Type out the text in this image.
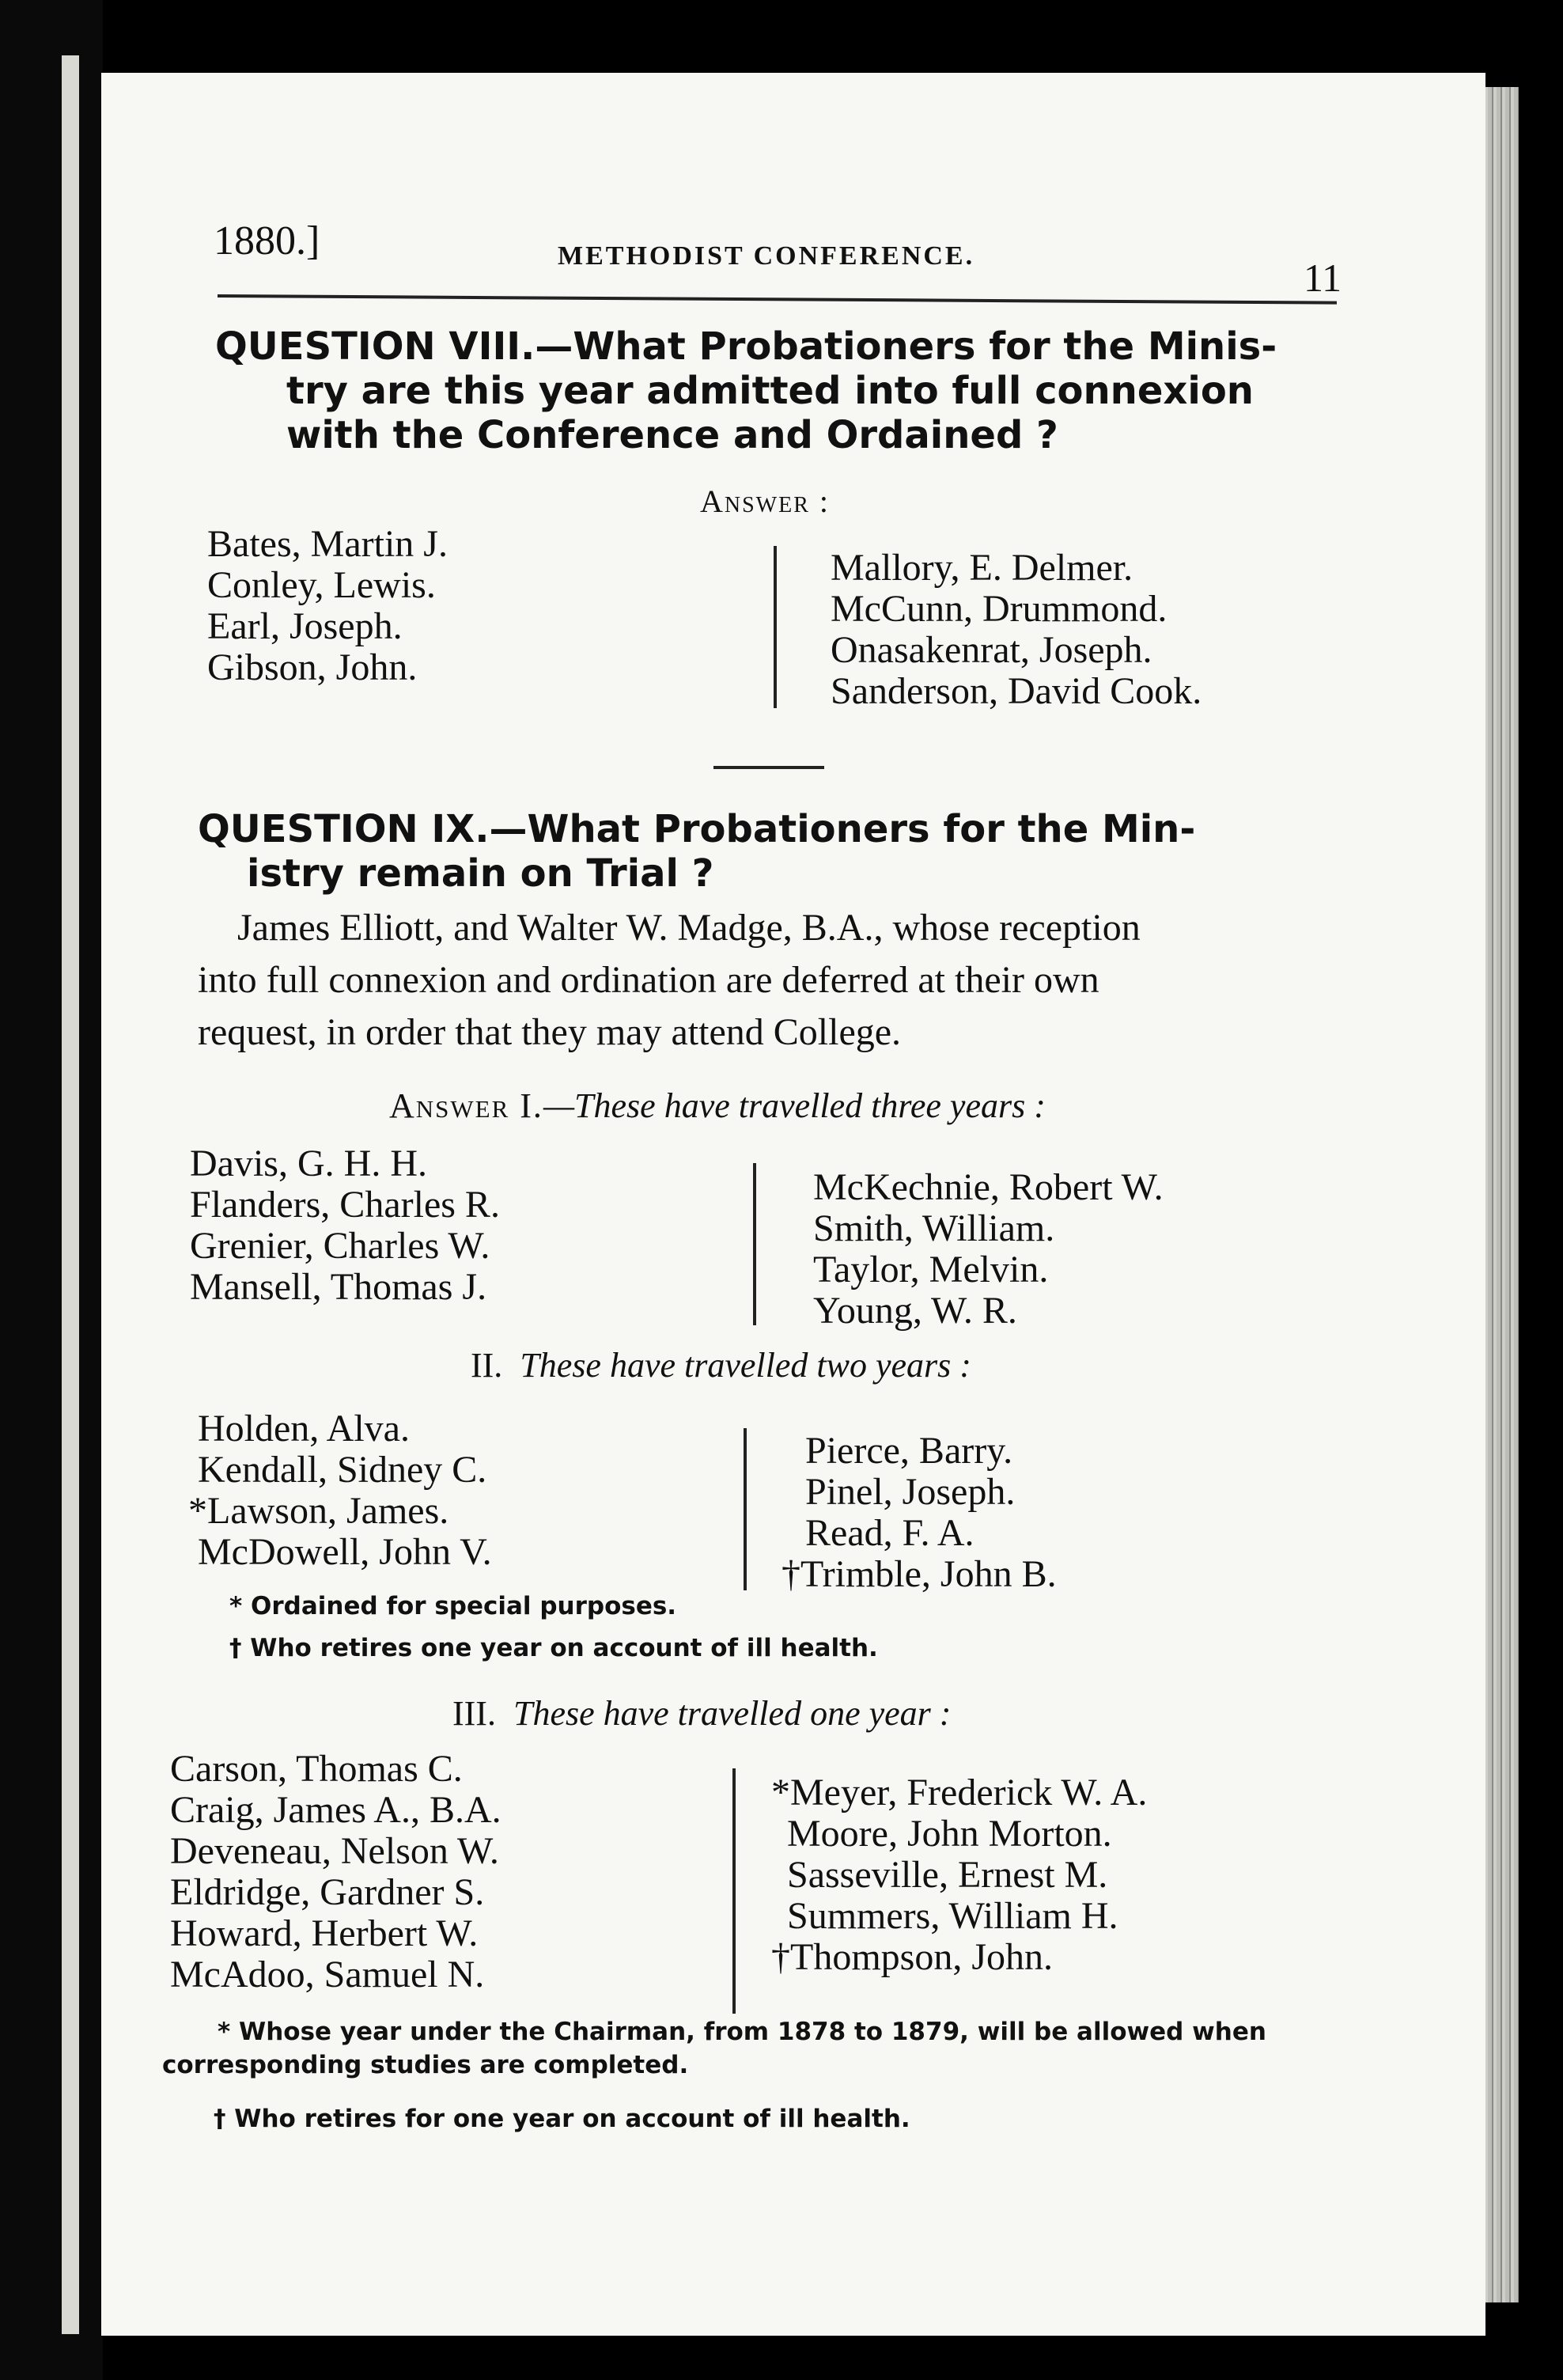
1880.]	METHODIST CONFERENCE.	11
QUESTION VIII.—What Probationers for the Minis-
try are this year admitted into full connexion
with the Conference and Ordained ?
Answer :
Bates, Martin J.
Conley, Lewis.
Earl, Joseph.
Gibson, John.
Mallory, E. Delmer.
McCunn, Drummond.
Onasakenrat, Joseph.
Sanderson, David Cook.
QUESTION IX.—What Probationers for the Min-
istry remain on Trial ?
James Elliott, and Walter W. Madge, B.A., whose reception
into full connexion and ordination are deferred at their own
request, in order that they may attend College.
Answer I.—These have travelled three years :
Davis, G. H. H.
Flanders, Charles R.
Grenier, Charles W.
Mansell, Thomas J.
McKechnie, Robert W.
Smith, William.
Taylor, Melvin.
Young, W. R.
II. These have travelled two years :
Holden, Alva.
Kendall, Sidney C.
*Lawson, James.
McDowell, John V.
Pierce, Barry.
Pinel, Joseph.
Read, F. A.
†Trimble, John B.
* Ordained for special purposes.
† Who retires one year on account of ill health.
III. These have travelled one year :
Carson, Thomas C.
Craig, James A., B.A.
Deveneau, Nelson W.
Eldridge, Gardner S.
Howard, Herbert W.
McAdoo, Samuel N.
*Meyer, Frederick W. A.
Moore, John Morton.
Sasseville, Ernest M.
Summers, William H.
†Thompson, John.
* Whose year under the Chairman, from 1878 to 1879, will be allowed when
corresponding studies are completed.
† Who retires for one year on account of ill health.
